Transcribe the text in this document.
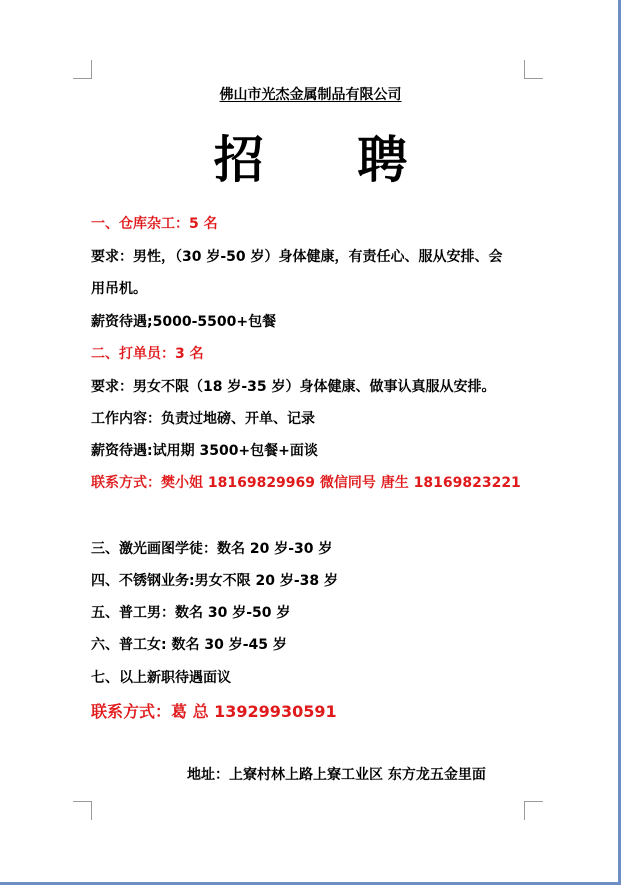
佛山市光杰金属制品有限公司
招 聘
一、仓库杂工：5 名
要求：男性，（30 岁-50 岁）身体健康，有责任心、服从安排、会
用吊机。
薪资待遇;5000-5500+包餐
二、打单员：3 名
要求：男女不限（18 岁-35 岁）身体健康、做事认真服从安排。
工作内容：负责过地磅、开单、记录
薪资待遇:试用期 3500+包餐+面谈
联系方式：樊小姐 18169829969 微信同号 唐生 18169823221
三、激光画图学徒：数名 20 岁-30 岁
四、不锈钢业务:男女不限 20 岁-38 岁
五、普工男：数名 30 岁-50 岁
六、普工女: 数名 30 岁-45 岁
七、以上新职待遇面议
联系方式：葛 总 13929930591
地址：上寮村林上路上寮工业区 东方龙五金里面
